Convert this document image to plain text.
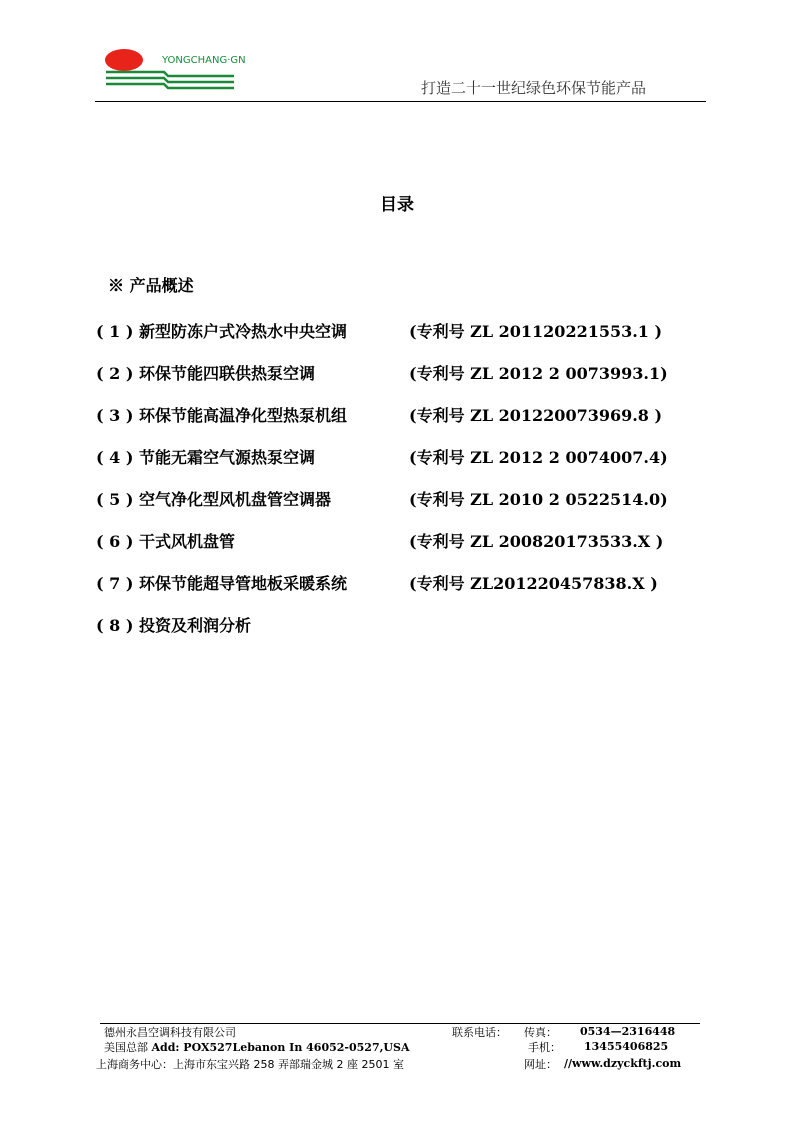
YONGCHANG·GN
打造二十一世纪绿色环保节能产品
目录
※ 产品概述
( 1 ) 新型防冻户式冷热水中央空调	(专利号 ZL 201120221553.1 )
( 2 ) 环保节能四联供热泵空调	(专利号 ZL 2012 2 0073993.1)
( 3 ) 环保节能高温净化型热泵机组	(专利号 ZL 201220073969.8 )
( 4 ) 节能无霜空气源热泵空调	(专利号 ZL 2012 2 0074007.4)
( 5 ) 空气净化型风机盘管空调器	(专利号 ZL 2010 2 0522514.0)
( 6 ) 干式风机盘管	(专利号 ZL 200820173533.X )
( 7 ) 环保节能超导管地板采暖系统	(专利号 ZL201220457838.X )
( 8 ) 投资及利润分析
德州永昌空调科技有限公司
美国总部 Add: POX527Lebanon In 46052-0527,USA
上海商务中心：上海市东宝兴路 258 弄部瑞金城 2 座 2501 室
联系电话： 传真： 0534—2316448
手机： 13455406825
网址： //www.dzyckftj.com
